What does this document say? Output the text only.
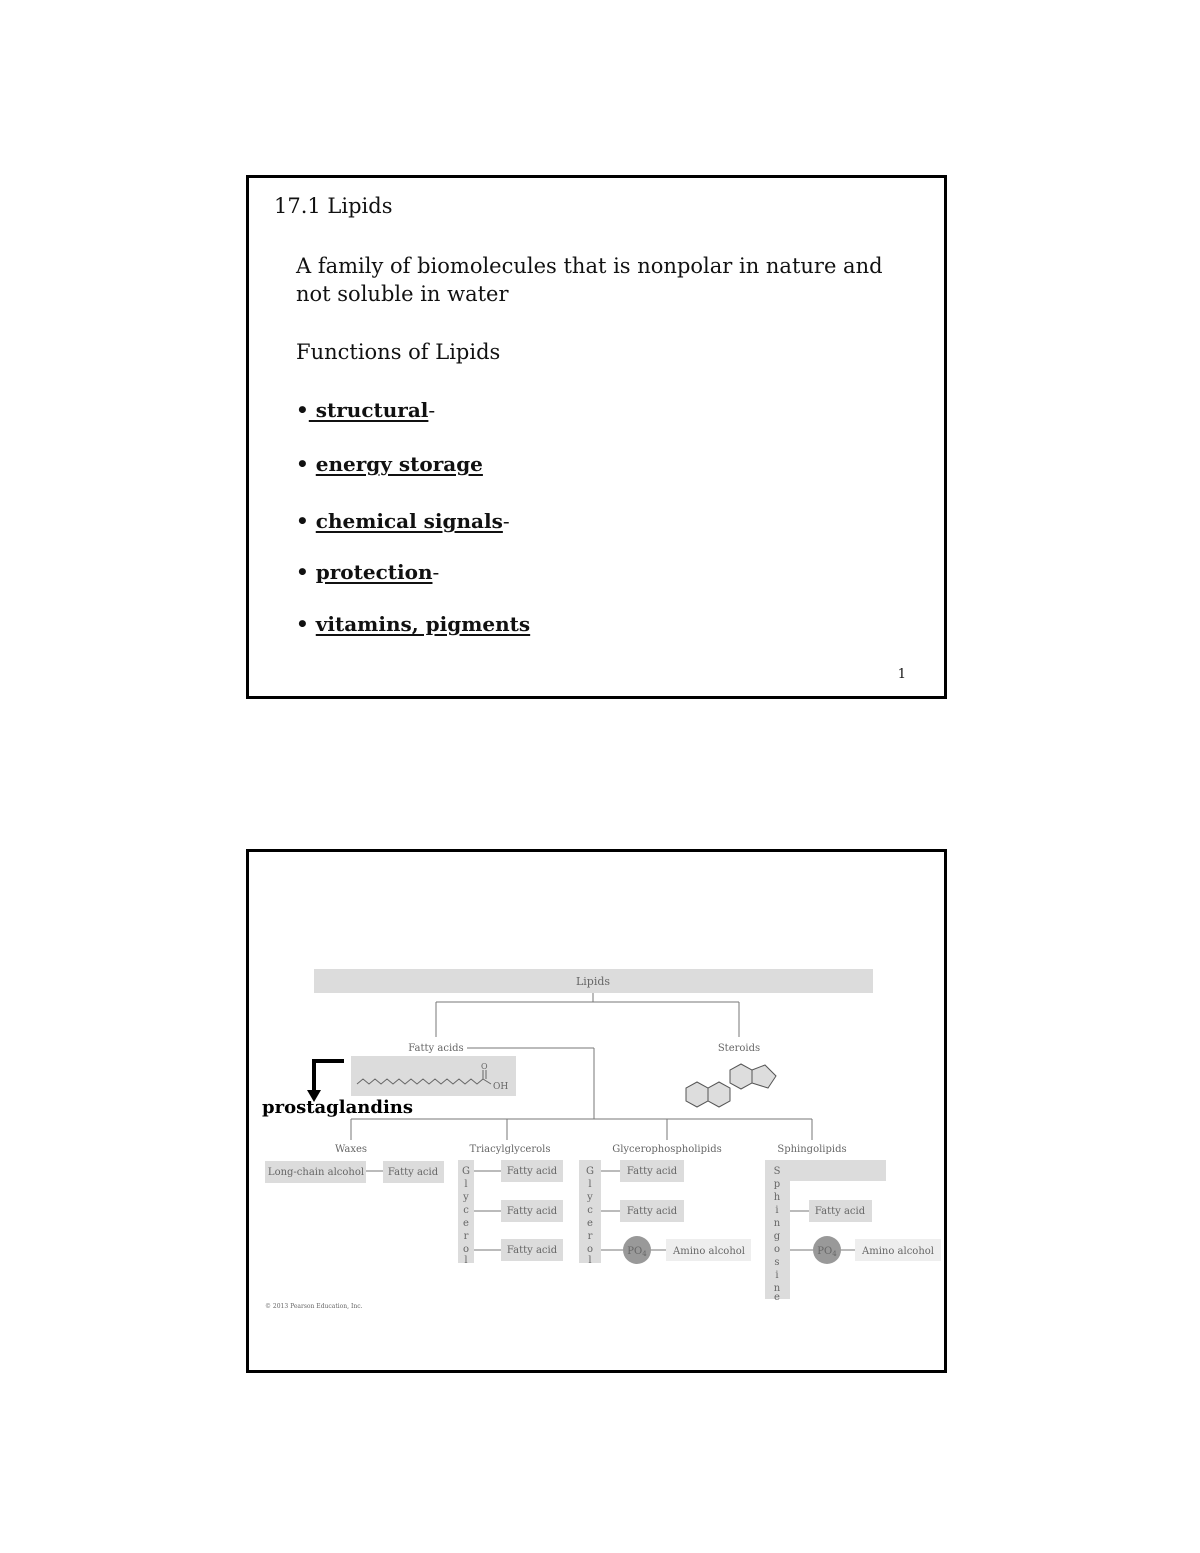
17.1 Lipids
A family of biomolecules that is nonpolar in nature and not soluble in water
Functions of Lipids
• structural-
• energy storage
• chemical signals-
• protection-
• vitamins, pigments
1
Lipids
Fatty acids
O
OH
Steroids
Waxes
Long-chain alcohol Fatty acid
Triacylglycerols
G
l
y
c
e
r
o
l
Fatty acid
Fatty acid
Fatty acid
Glycerophospholipids
G
l
y
c
e
r
o
l
Fatty acid
Fatty acid
$PO_4$	Amino alcohol
Sphingolipids
S
p
h
i
n
g
o
s
i
n
e
Fatty acid
$PO_4$	Amino alcohol
© 2013 Pearson Education, Inc.
prostaglandins
